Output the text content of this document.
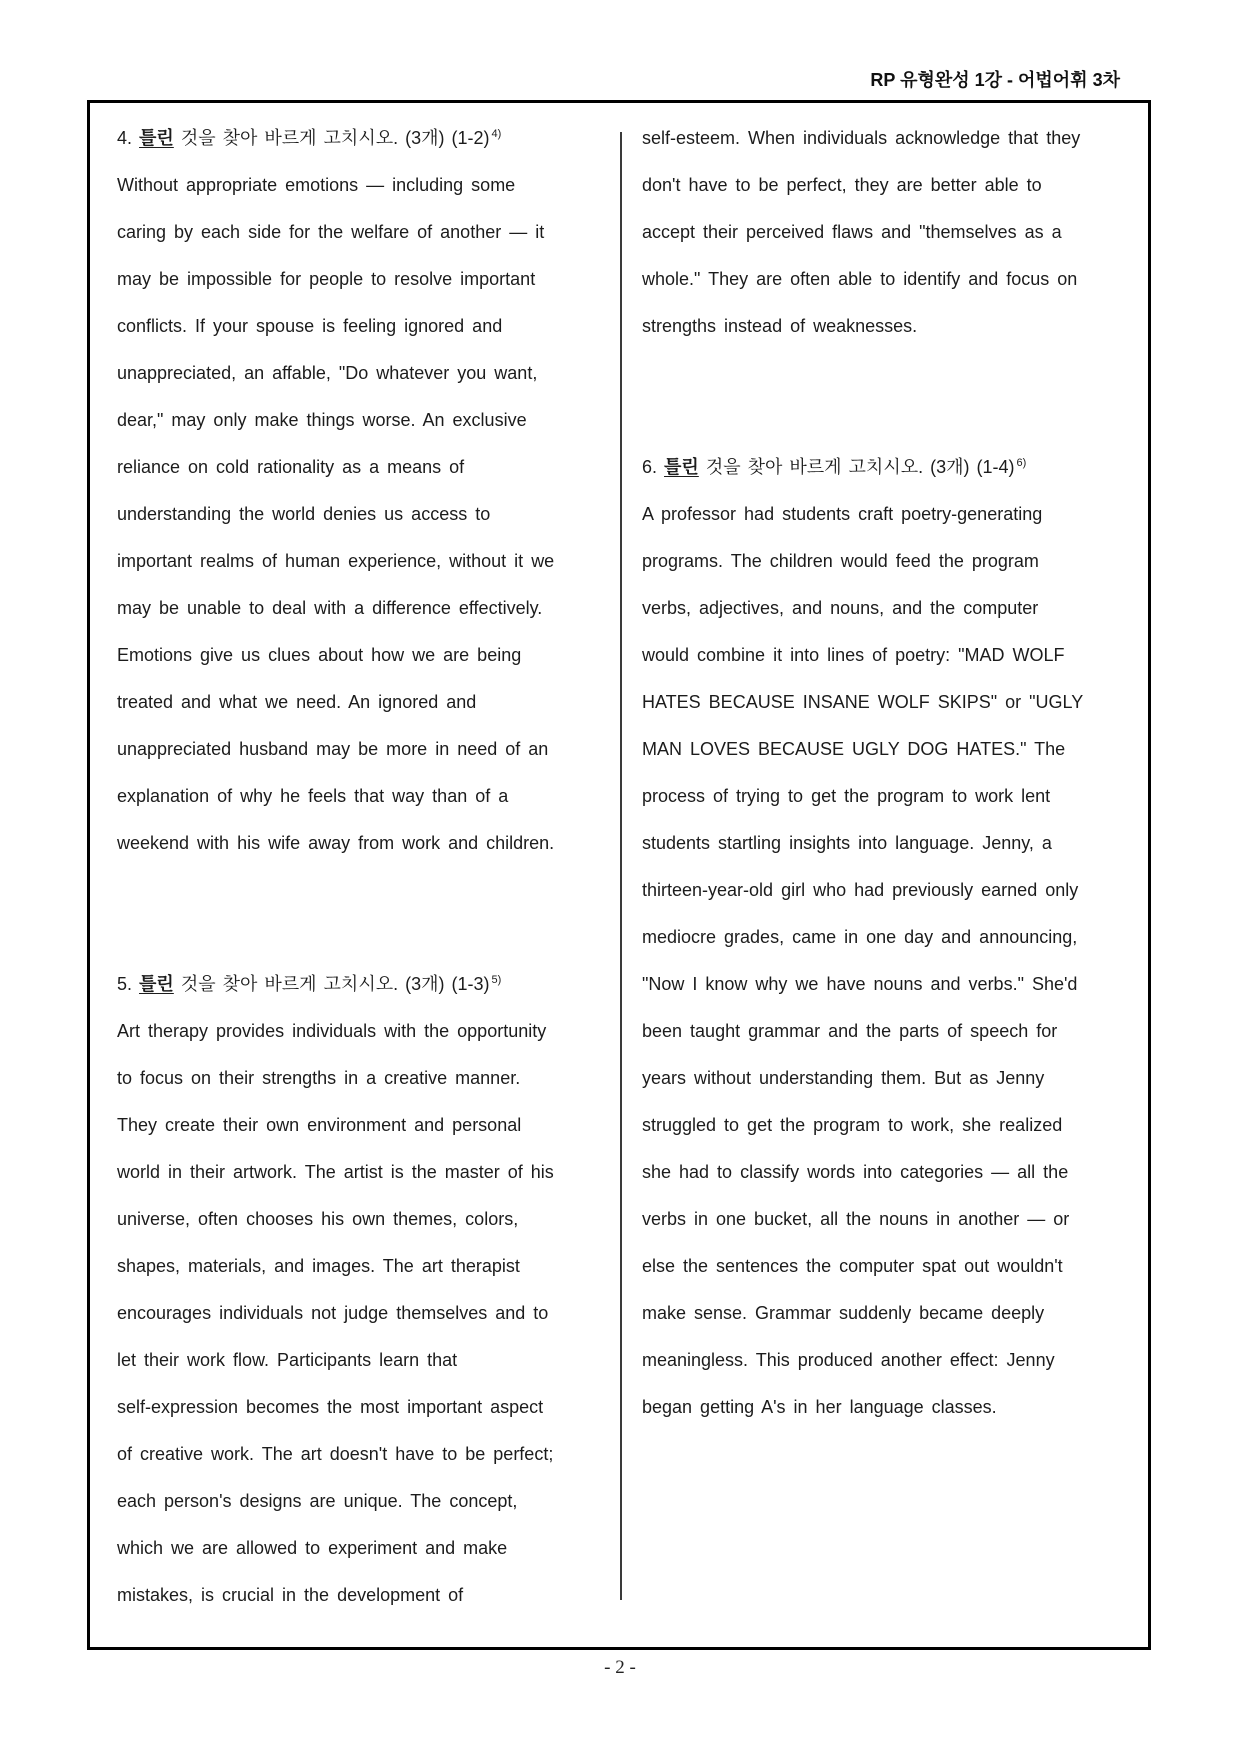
RP 유형완성 1강 - 어법어휘 3차
4. 틀린 것을 찾아 바르게 고치시오. (3개) (1-2) $^{4)}$
Without appropriate emotions — including some
caring by each side for the welfare of another — it
may be impossible for people to resolve important
conflicts. If your spouse is feeling ignored and
unappreciated, an affable, "Do whatever you want,
dear," may only make things worse. An exclusive
reliance on cold rationality as a means of
understanding the world denies us access to
important realms of human experience, without it we
may be unable to deal with a difference effectively.
Emotions give us clues about how we are being
treated and what we need. An ignored and
unappreciated husband may be more in need of an
explanation of why he feels that way than of a
weekend with his wife away from work and children.
5. 틀린 것을 찾아 바르게 고치시오. (3개) (1-3) $^{5)}$
Art therapy provides individuals with the opportunity
to focus on their strengths in a creative manner.
They create their own environment and personal
world in their artwork. The artist is the master of his
universe, often chooses his own themes, colors,
shapes, materials, and images. The art therapist
encourages individuals not judge themselves and to
let their work flow. Participants learn that
self-expression becomes the most important aspect
of creative work. The art doesn't have to be perfect;
each person's designs are unique. The concept,
which we are allowed to experiment and make
mistakes, is crucial in the development of
self-esteem. When individuals acknowledge that they
don't have to be perfect, they are better able to
accept their perceived flaws and "themselves as a
whole." They are often able to identify and focus on
strengths instead of weaknesses.
6. 틀린 것을 찾아 바르게 고치시오. (3개) (1-4) $^{6)}$
A professor had students craft poetry-generating
programs. The children would feed the program
verbs, adjectives, and nouns, and the computer
would combine it into lines of poetry: "MAD WOLF
HATES BECAUSE INSANE WOLF SKIPS" or "UGLY
MAN LOVES BECAUSE UGLY DOG HATES." The
process of trying to get the program to work lent
students startling insights into language. Jenny, a
thirteen-year-old girl who had previously earned only
mediocre grades, came in one day and announcing,
"Now I know why we have nouns and verbs." She'd
been taught grammar and the parts of speech for
years without understanding them. But as Jenny
struggled to get the program to work, she realized
she had to classify words into categories — all the
verbs in one bucket, all the nouns in another — or
else the sentences the computer spat out wouldn't
make sense. Grammar suddenly became deeply
meaningless. This produced another effect: Jenny
began getting A's in her language classes.
- 2 -
